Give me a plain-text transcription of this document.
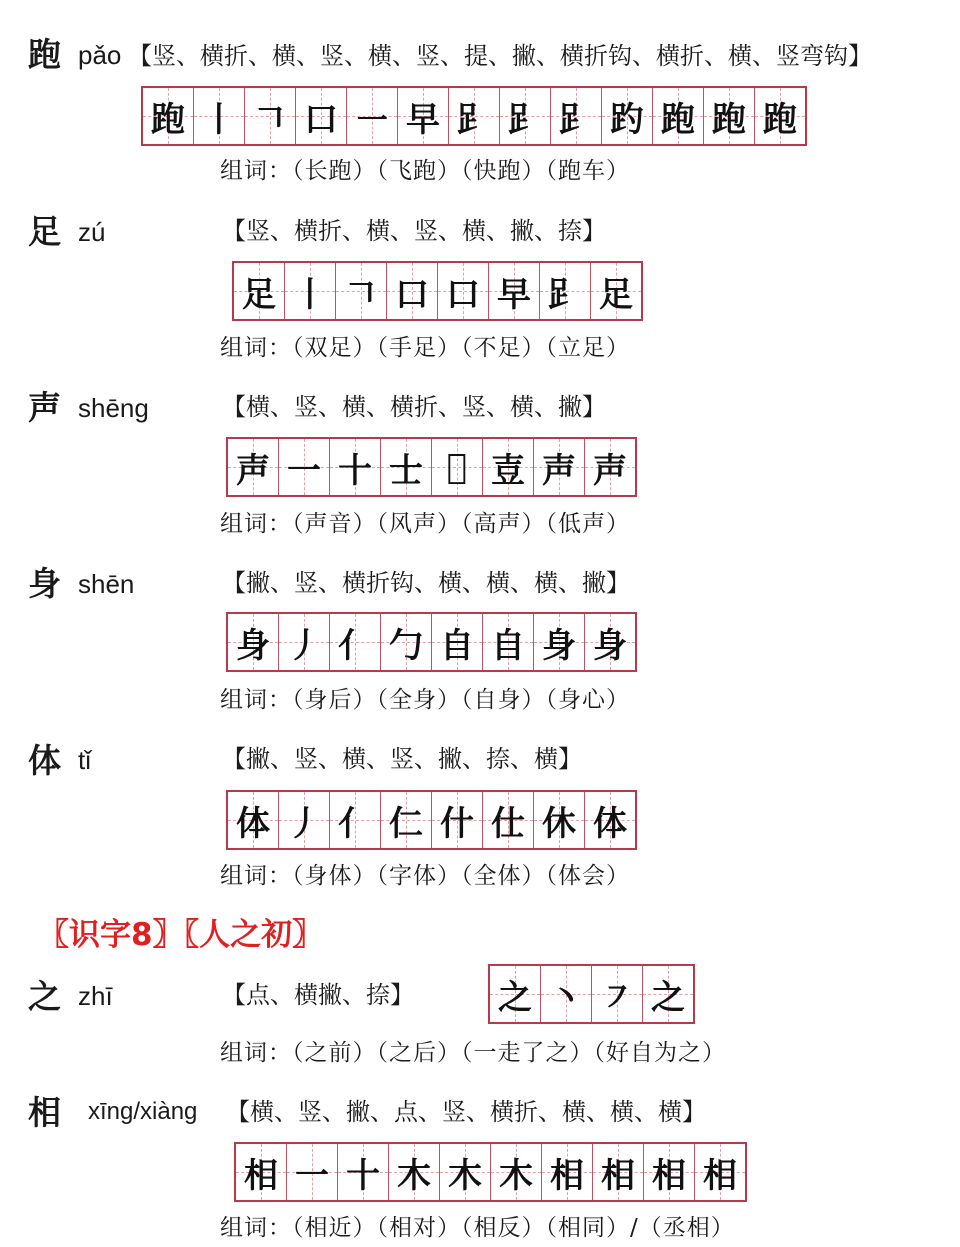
跑 pǎo 【竖、横折、横、竖、横、竖、提、撇、横折钩、横折、横、竖弯钩】
跑 丨 𠃍 口 ㇐ 早 𧾷 𧾷 𧾷 趵 跑 跑 跑
组词：（长跑）（飞跑）（快跑）（跑车）
足 zú	【竖、横折、横、竖、横、撇、捺】
足 丨 𠃍 口 口 早 𧾷 足
组词：（双足）（手足）（不足）（立足）
声 shēng	【横、竖、横、横折、竖、横、撇】
声 一 十 士 𡉀 壴 声 声
组词：（声音）（风声）（高声）（低声）
身 shēn	【撇、竖、横折钩、横、横、横、撇】
身 丿 亻 勹 自 自 身 身
组词：（身后）（全身）（自身）（身心）
体 tǐ	【撇、竖、横、竖、撇、捺、横】
体 丿 亻 仁 什 仕 休 体
组词：（身体）（字体）（全体）（体会）
〖识字8〗〖人之初〗
之 zhī	【点、横撇、捺】 之 丶 ㇇ 之
组词：（之前）（之后）（一走了之）（好自为之）
相 xīng/xiàng 【横、竖、撇、点、竖、横折、横、横、横】
相 一 十 木 木 木 相 相 相 相
组词：（相近）（相对）（相反）（相同）/（丞相）
